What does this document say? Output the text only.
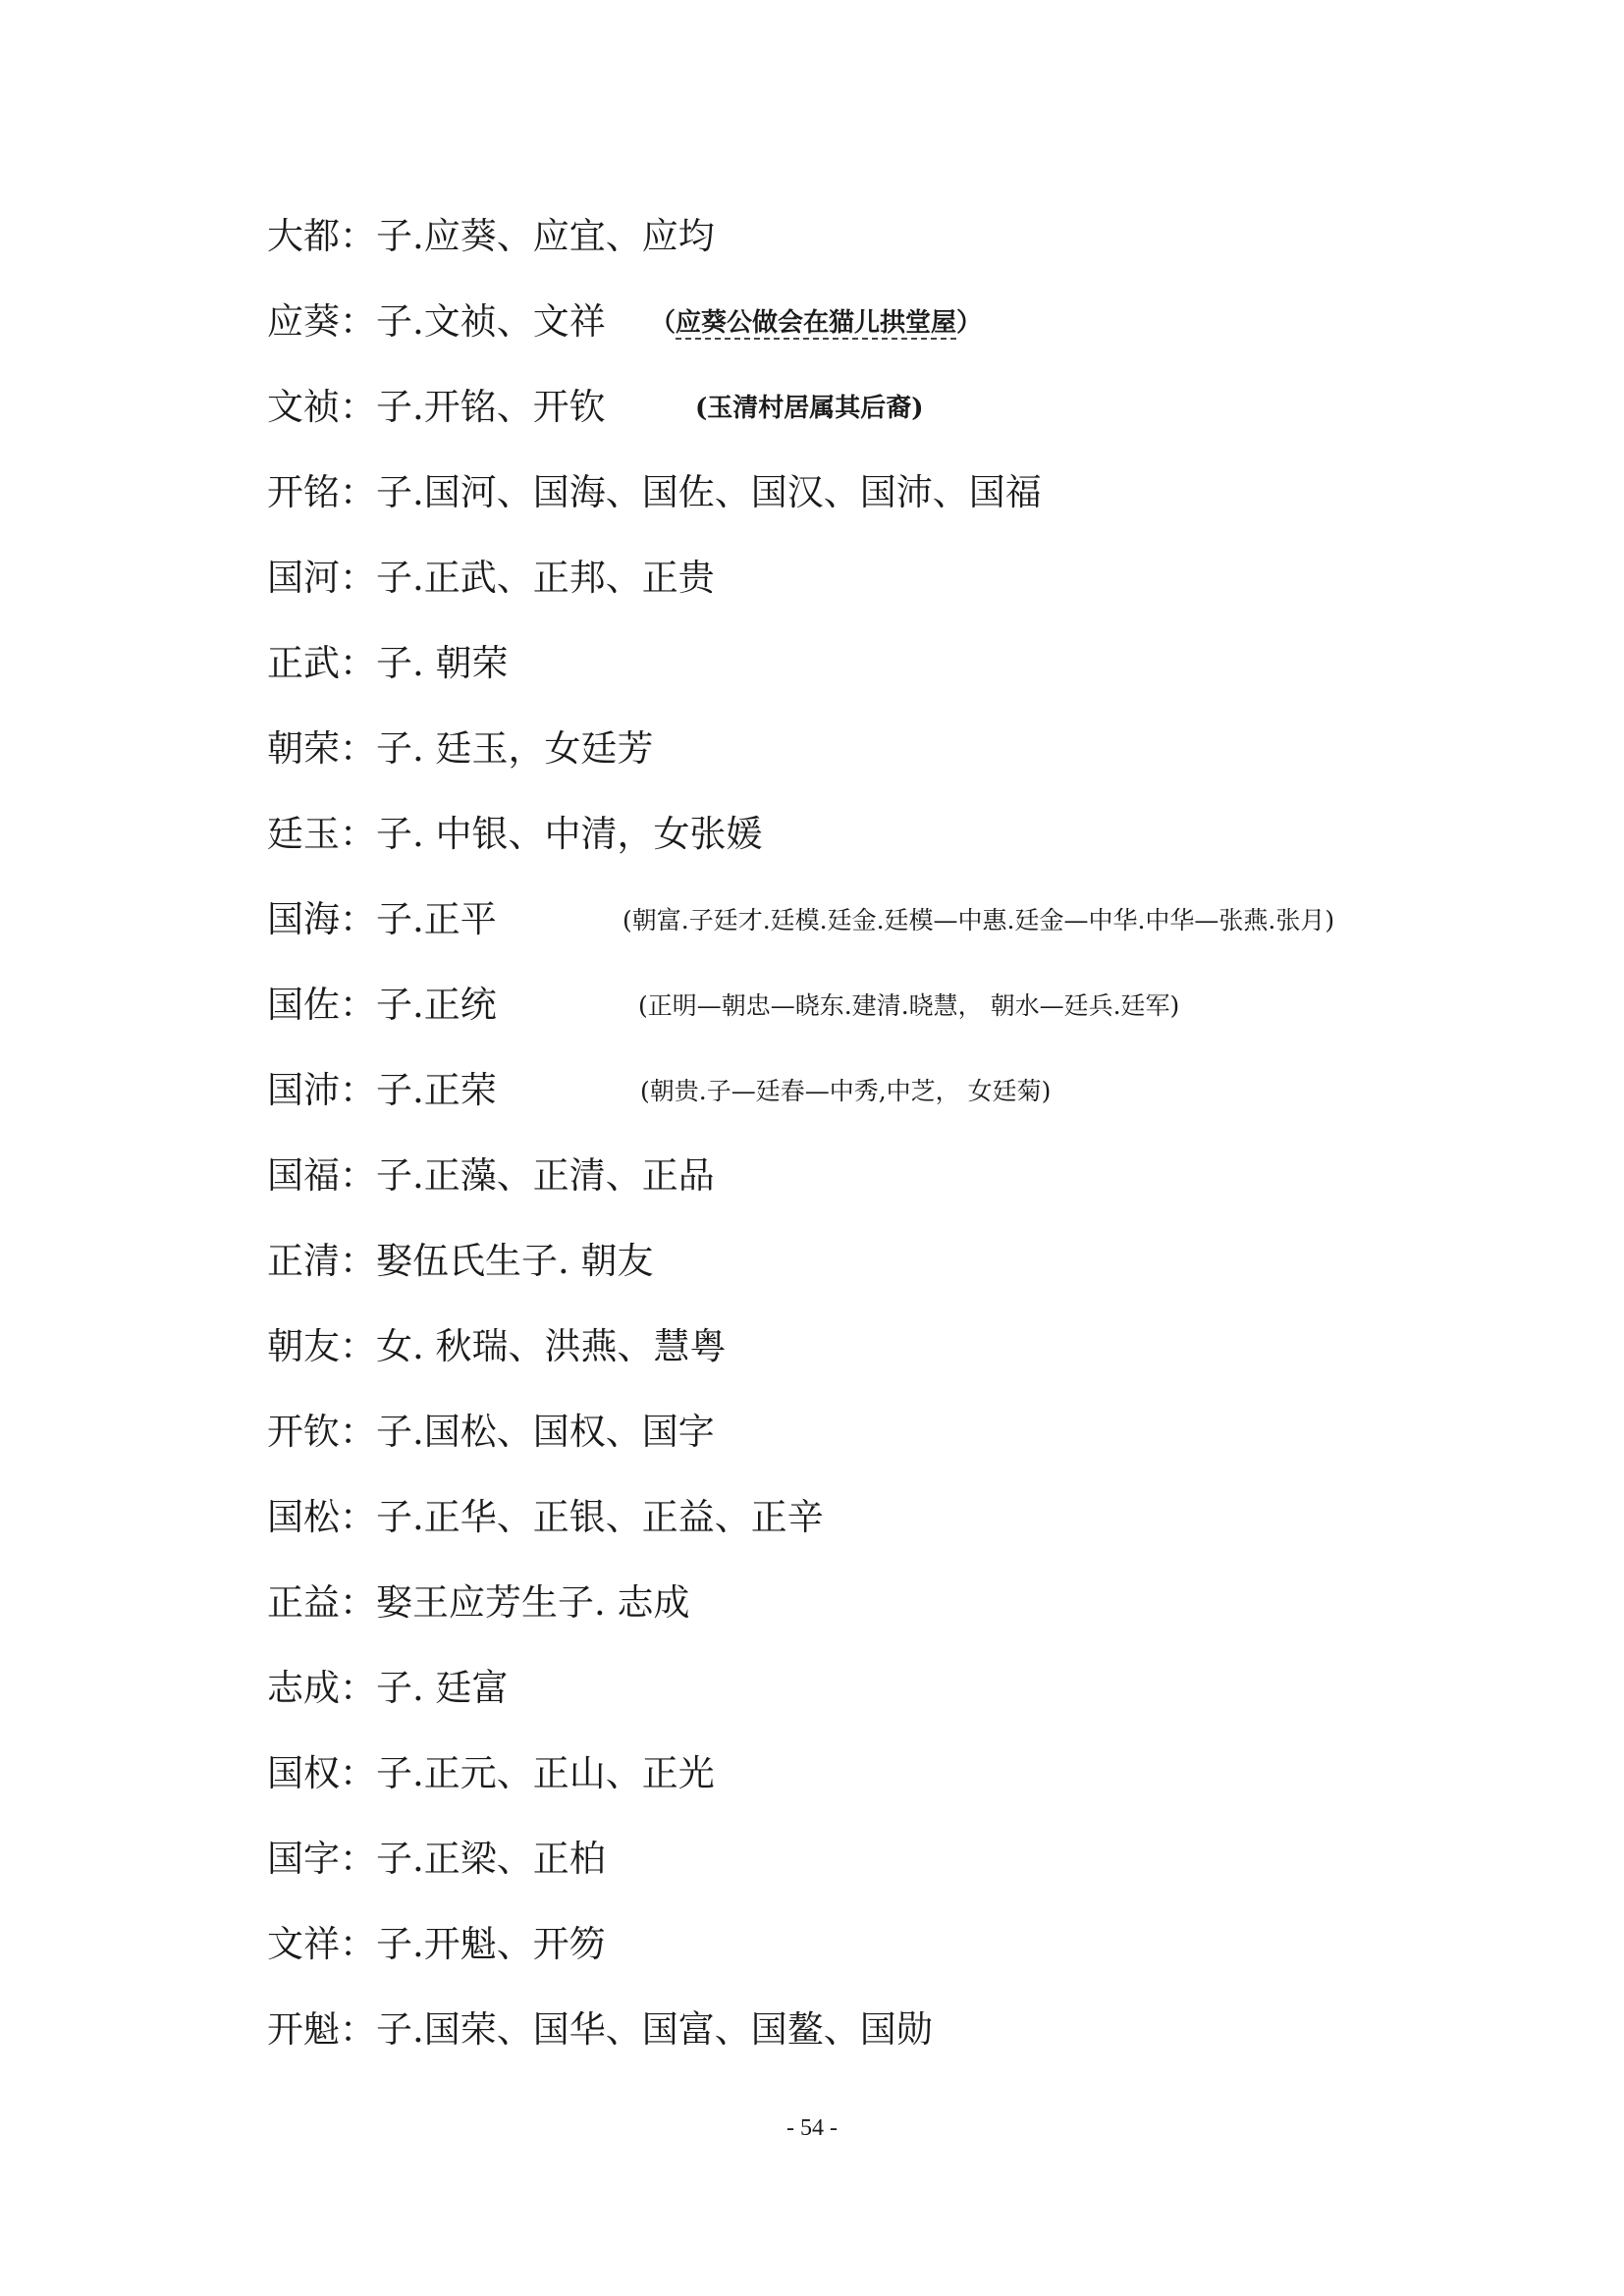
大都：子.应葵、应宜、应均
应葵：子.文祯、文祥
文祯：子.开铭、开钦
开铭：子.国河、国海、国佐、国汉、国沛、国福
国河：子.正武、正邦、正贵
正武：子. 朝荣
朝荣：子. 廷玉，女廷芳
廷玉：子. 中银、中清，女张媛
国海：子.正平
国佐：子.正统
国沛：子.正荣
国福：子.正藻、正清、正品
正清：娶伍氏生子. 朝友
朝友：女. 秋瑞、洪燕、慧粤
开钦：子.国松、国权、国字
国松：子.正华、正银、正益、正辛
正益：娶王应芳生子. 志成
志成：子. 廷富
国权：子.正元、正山、正光
国字：子.正梁、正柏
文祥：子.开魁、开笏
开魁：子.国荣、国华、国富、国鳌、国勋
（应葵公做会在猫儿拱堂屋）
(玉清村居属其后裔)
(朝富.子廷才.廷模.廷金.廷模—中惠.廷金—中华.中华—张燕.张月)
(正明—朝忠—晓东.建清.晓慧， 朝水—廷兵.廷军)
(朝贵.子—廷春—中秀,中芝， 女廷菊)
- 54 -
